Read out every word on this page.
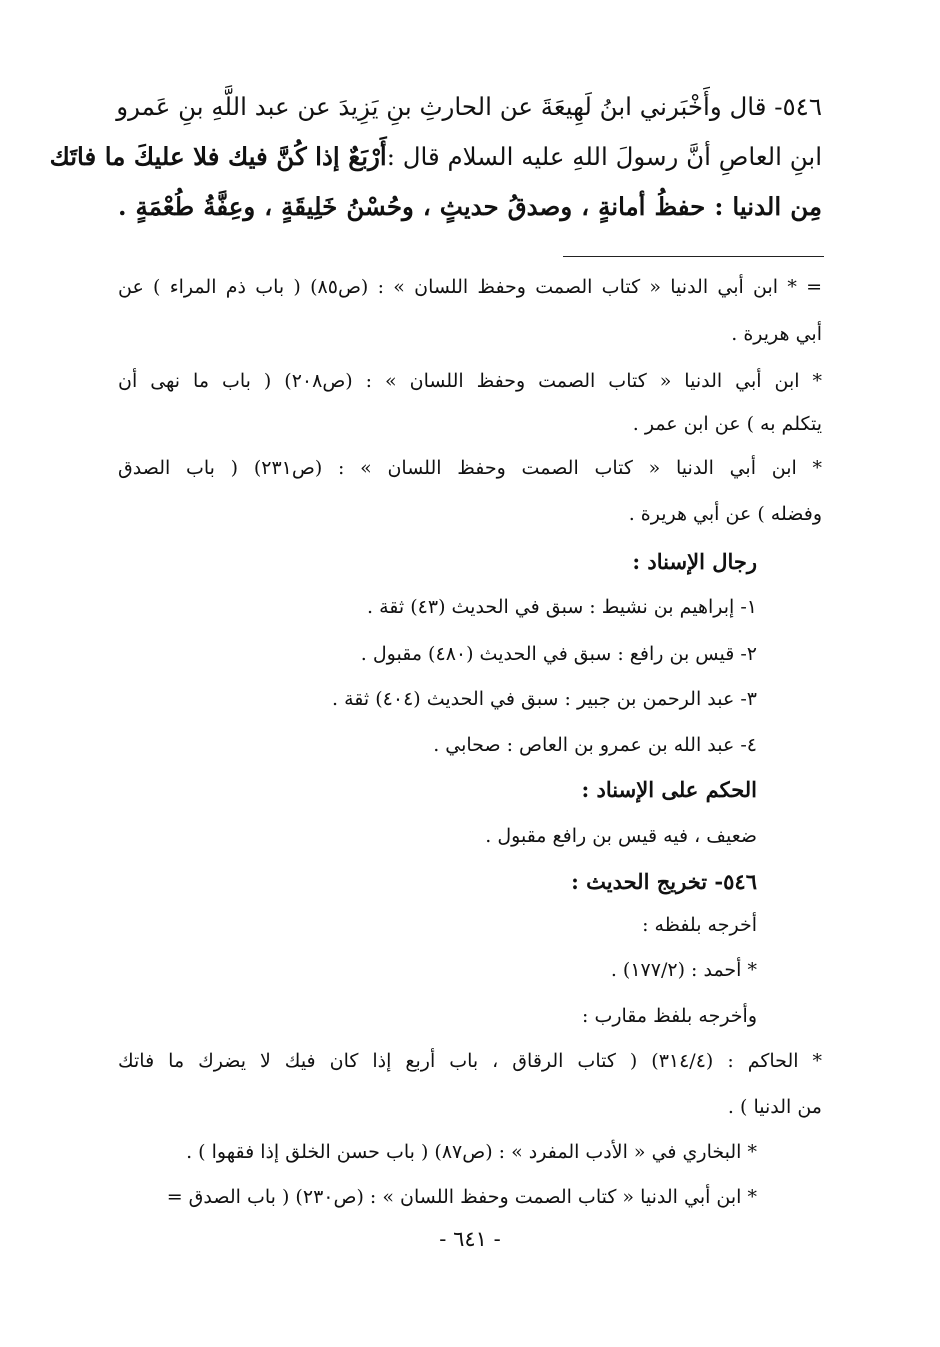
٥٤٦- قال وأَخْبَرني ابنُ لَهِيعَةَ عن الحارثِ بنِ يَزِيدَ عن عبد اللَّهِ بنِ عَمرو
ابنِ العاصِ أنَّ رسولَ اللهِ عليه السلام قال :
أَرْبَعٌ إذا كُنَّ فيك فلا عليكَ ما فاتَك
مِن الدنيا : حفظُ أمانةٍ ، وصدقُ حديثٍ ، وحُسْنُ خَلِيقَةٍ ، وعِفَّةُ طُعْمَةٍ .
= * ابن أبي الدنيا « كتاب الصمت وحفظ اللسان » : (ص٨٥) ( باب ذم المراء ) عن
أبي هريرة .
* ابن أبي الدنيا « كتاب الصمت وحفظ اللسان » : (ص٢٠٨) ( باب ما نهى أن
يتكلم به ) عن ابن عمر .
* ابن أبي الدنيا « كتاب الصمت وحفظ اللسان » : (ص٢٣١) ( باب الصدق
وفضله ) عن أبي هريرة .
رجال الإسناد :
١- إبراهيم بن نشيط : سبق في الحديث (٤٣) ثقة .
٢- قيس بن رافع : سبق في الحديث (٤٨٠) مقبول .
٣- عبد الرحمن بن جبير : سبق في الحديث (٤٠٤) ثقة .
٤- عبد الله بن عمرو بن العاص : صحابي .
الحكم على الإسناد :
ضعيف ، فيه قيس بن رافع مقبول .
٥٤٦- تخريج الحديث :
أخرجه بلفظه :
* أحمد : (١٧٧/٢) .
وأخرجه بلفظ مقارب :
* الحاكم : (٣١٤/٤) ( كتاب الرقاق ، باب أربع إذا كان فيك لا يضرك ما فاتك
من الدنيا ) .
* البخاري في « الأدب المفرد » : (ص٨٧) ( باب حسن الخلق إذا فقهوا ) .
* ابن أبي الدنيا « كتاب الصمت وحفظ اللسان » : (ص٢٣٠) ( باب الصدق =
- ٦٤١ -
